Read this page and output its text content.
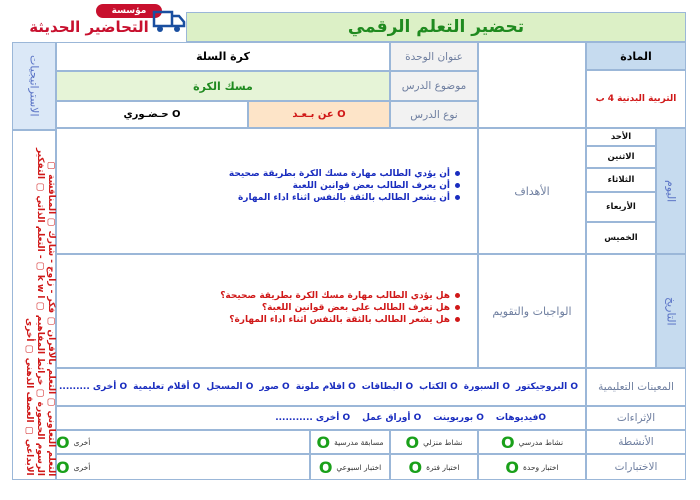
مؤسسة
التحاضير الحديثة	تحضير التعلم الرقمي
الاستراتيجيات
التعلم التعاوني ▢ التعلم بالأقران ▢ فكر - زاوج - شارك ▢ المناقشة ▢ الرسوم الحصورة ▢ خرائط المفاهيم ▢ k w l ▢ - التعلم الذاتي ▢ التفكير الابداعي ▢ العصف الذهني ▢ أخرى
المادة
التربية البدنية 4 ب
عنوان الوحدة
كرة السلة
موضوع الدرس
مسك الكرة
نوع الدرس
عن بـعـد O
حـضـوري O
اليوم
التاريخ
الأحد
الاثنين
الثلاثاء
الأربعاء
الخميس
الأهداف
أن يؤدي الطالب مهارة مسك الكرة بطريقة صحيحة
أن يعرف الطالب بعض قوانين اللعبة
أن يشعر الطالب بالثقة بالنفس اثناء اداء المهارة
الواجبات والتقويم
هل يؤدي الطالب مهارة مسك الكرة بطريقة صحيحة؟
هل تعرف الطالب على بعض قوانين اللعبة؟
هل يشعر الطالب بالثقة بالنفس اثناء اداء المهارة؟
المعينات التعليمية
O البروجيكتور
O السبورة
O الكتاب
O البطاقات
O اقلام ملونة
O صور
O المسجل
O أقلام تعليمية
O أخرى .........
الإثراءات
Oفيديوهات
O بوربوينت
O أوراق عمل
O أخرى ...........
الأنشطة
نشاط مدرسي
O
نشاط منزلي
O
مسابقة مدرسية
O
أخرى
O
الاختبارات
اختبار وحدة
O
اختبار فترة
O
اختبار اسبوعي
O
أخرى
O
